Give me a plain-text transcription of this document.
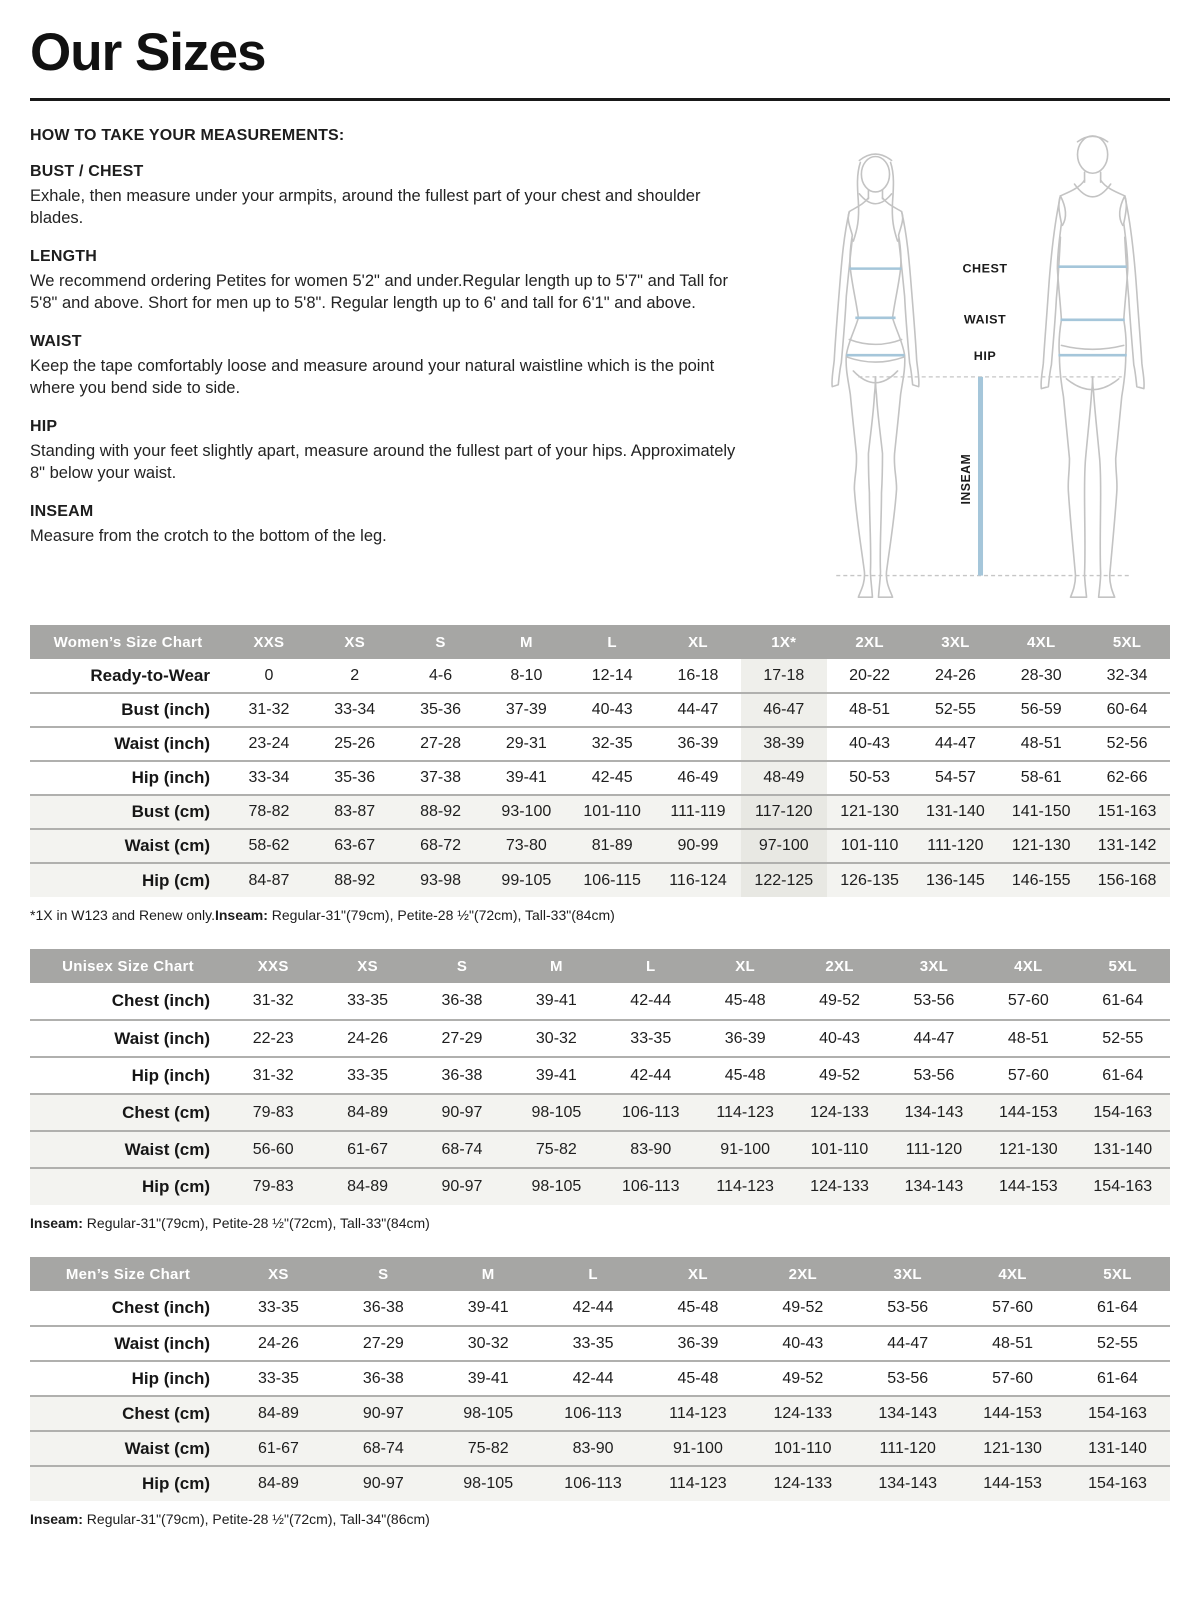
Our Sizes
HOW TO TAKE YOUR MEASUREMENTS:
BUST / CHEST

Exhale, then measure under your armpits, around the fullest part of your chest and shoulder blades.

LENGTH

We recommend ordering Petites for women 5'2" and under.Regular length up to 5'7" and Tall for 5'8" and above. Short for men up to 5'8". Regular length up to 6' and tall for 6'1" and above.

WAIST

Keep the tape comfortably loose and measure around your natural waistline which is the point where you bend side to side.

HIP

Standing with your feet slightly apart, measure around the fullest part of your hips. Approximately 8" below your waist.

INSEAM

Measure from the crotch to the bottom of the leg.

CHEST
WAIST
HIP
INSEAM
Women’s Size Chart	XXS	XS	S	M	L	XL	1X*	2XL	3XL	4XL	5XL
Ready-to-Wear	0	2	4-6	8-10	12-14	16-18	17-18	20-22	24-26	28-30	32-34
Bust (inch)	31-32	33-34	35-36	37-39	40-43	44-47	46-47	48-51	52-55	56-59	60-64
Waist (inch)	23-24	25-26	27-28	29-31	32-35	36-39	38-39	40-43	44-47	48-51	52-56
Hip (inch)	33-34	35-36	37-38	39-41	42-45	46-49	48-49	50-53	54-57	58-61	62-66
Bust (cm)	78-82	83-87	88-92	93-100	101-110	111-119	117-120	121-130	131-140	141-150	151-163
Waist (cm)	58-62	63-67	68-72	73-80	81-89	90-99	97-100	101-110	111-120	121-130	131-142
Hip (cm)	84-87	88-92	93-98	99-105	106-115	116-124	122-125	126-135	136-145	146-155	156-168

*1X in W123 and Renew only. Inseam: Regular-31"(79cm), Petite-28 ½"(72cm), Tall-33"(84cm)

Unisex Size Chart	XXS	XS	S	M	L	XL	2XL	3XL	4XL	5XL
Chest (inch)	31-32	33-35	36-38	39-41	42-44	45-48	49-52	53-56	57-60	61-64
Waist (inch)	22-23	24-26	27-29	30-32	33-35	36-39	40-43	44-47	48-51	52-55
Hip (inch)	31-32	33-35	36-38	39-41	42-44	45-48	49-52	53-56	57-60	61-64
Chest (cm)	79-83	84-89	90-97	98-105	106-113	114-123	124-133	134-143	144-153	154-163
Waist (cm)	56-60	61-67	68-74	75-82	83-90	91-100	101-110	111-120	121-130	131-140
Hip (cm)	79-83	84-89	90-97	98-105	106-113	114-123	124-133	134-143	144-153	154-163

Inseam: Regular-31"(79cm), Petite-28 ½"(72cm), Tall-33"(84cm)

Men’s Size Chart	XS	S	M	L	XL	2XL	3XL	4XL	5XL
Chest (inch)	33-35	36-38	39-41	42-44	45-48	49-52	53-56	57-60	61-64
Waist (inch)	24-26	27-29	30-32	33-35	36-39	40-43	44-47	48-51	52-55
Hip (inch)	33-35	36-38	39-41	42-44	45-48	49-52	53-56	57-60	61-64
Chest (cm)	84-89	90-97	98-105	106-113	114-123	124-133	134-143	144-153	154-163
Waist (cm)	61-67	68-74	75-82	83-90	91-100	101-110	111-120	121-130	131-140
Hip (cm)	84-89	90-97	98-105	106-113	114-123	124-133	134-143	144-153	154-163

Inseam: Regular-31"(79cm), Petite-28 ½"(72cm), Tall-34"(86cm)
